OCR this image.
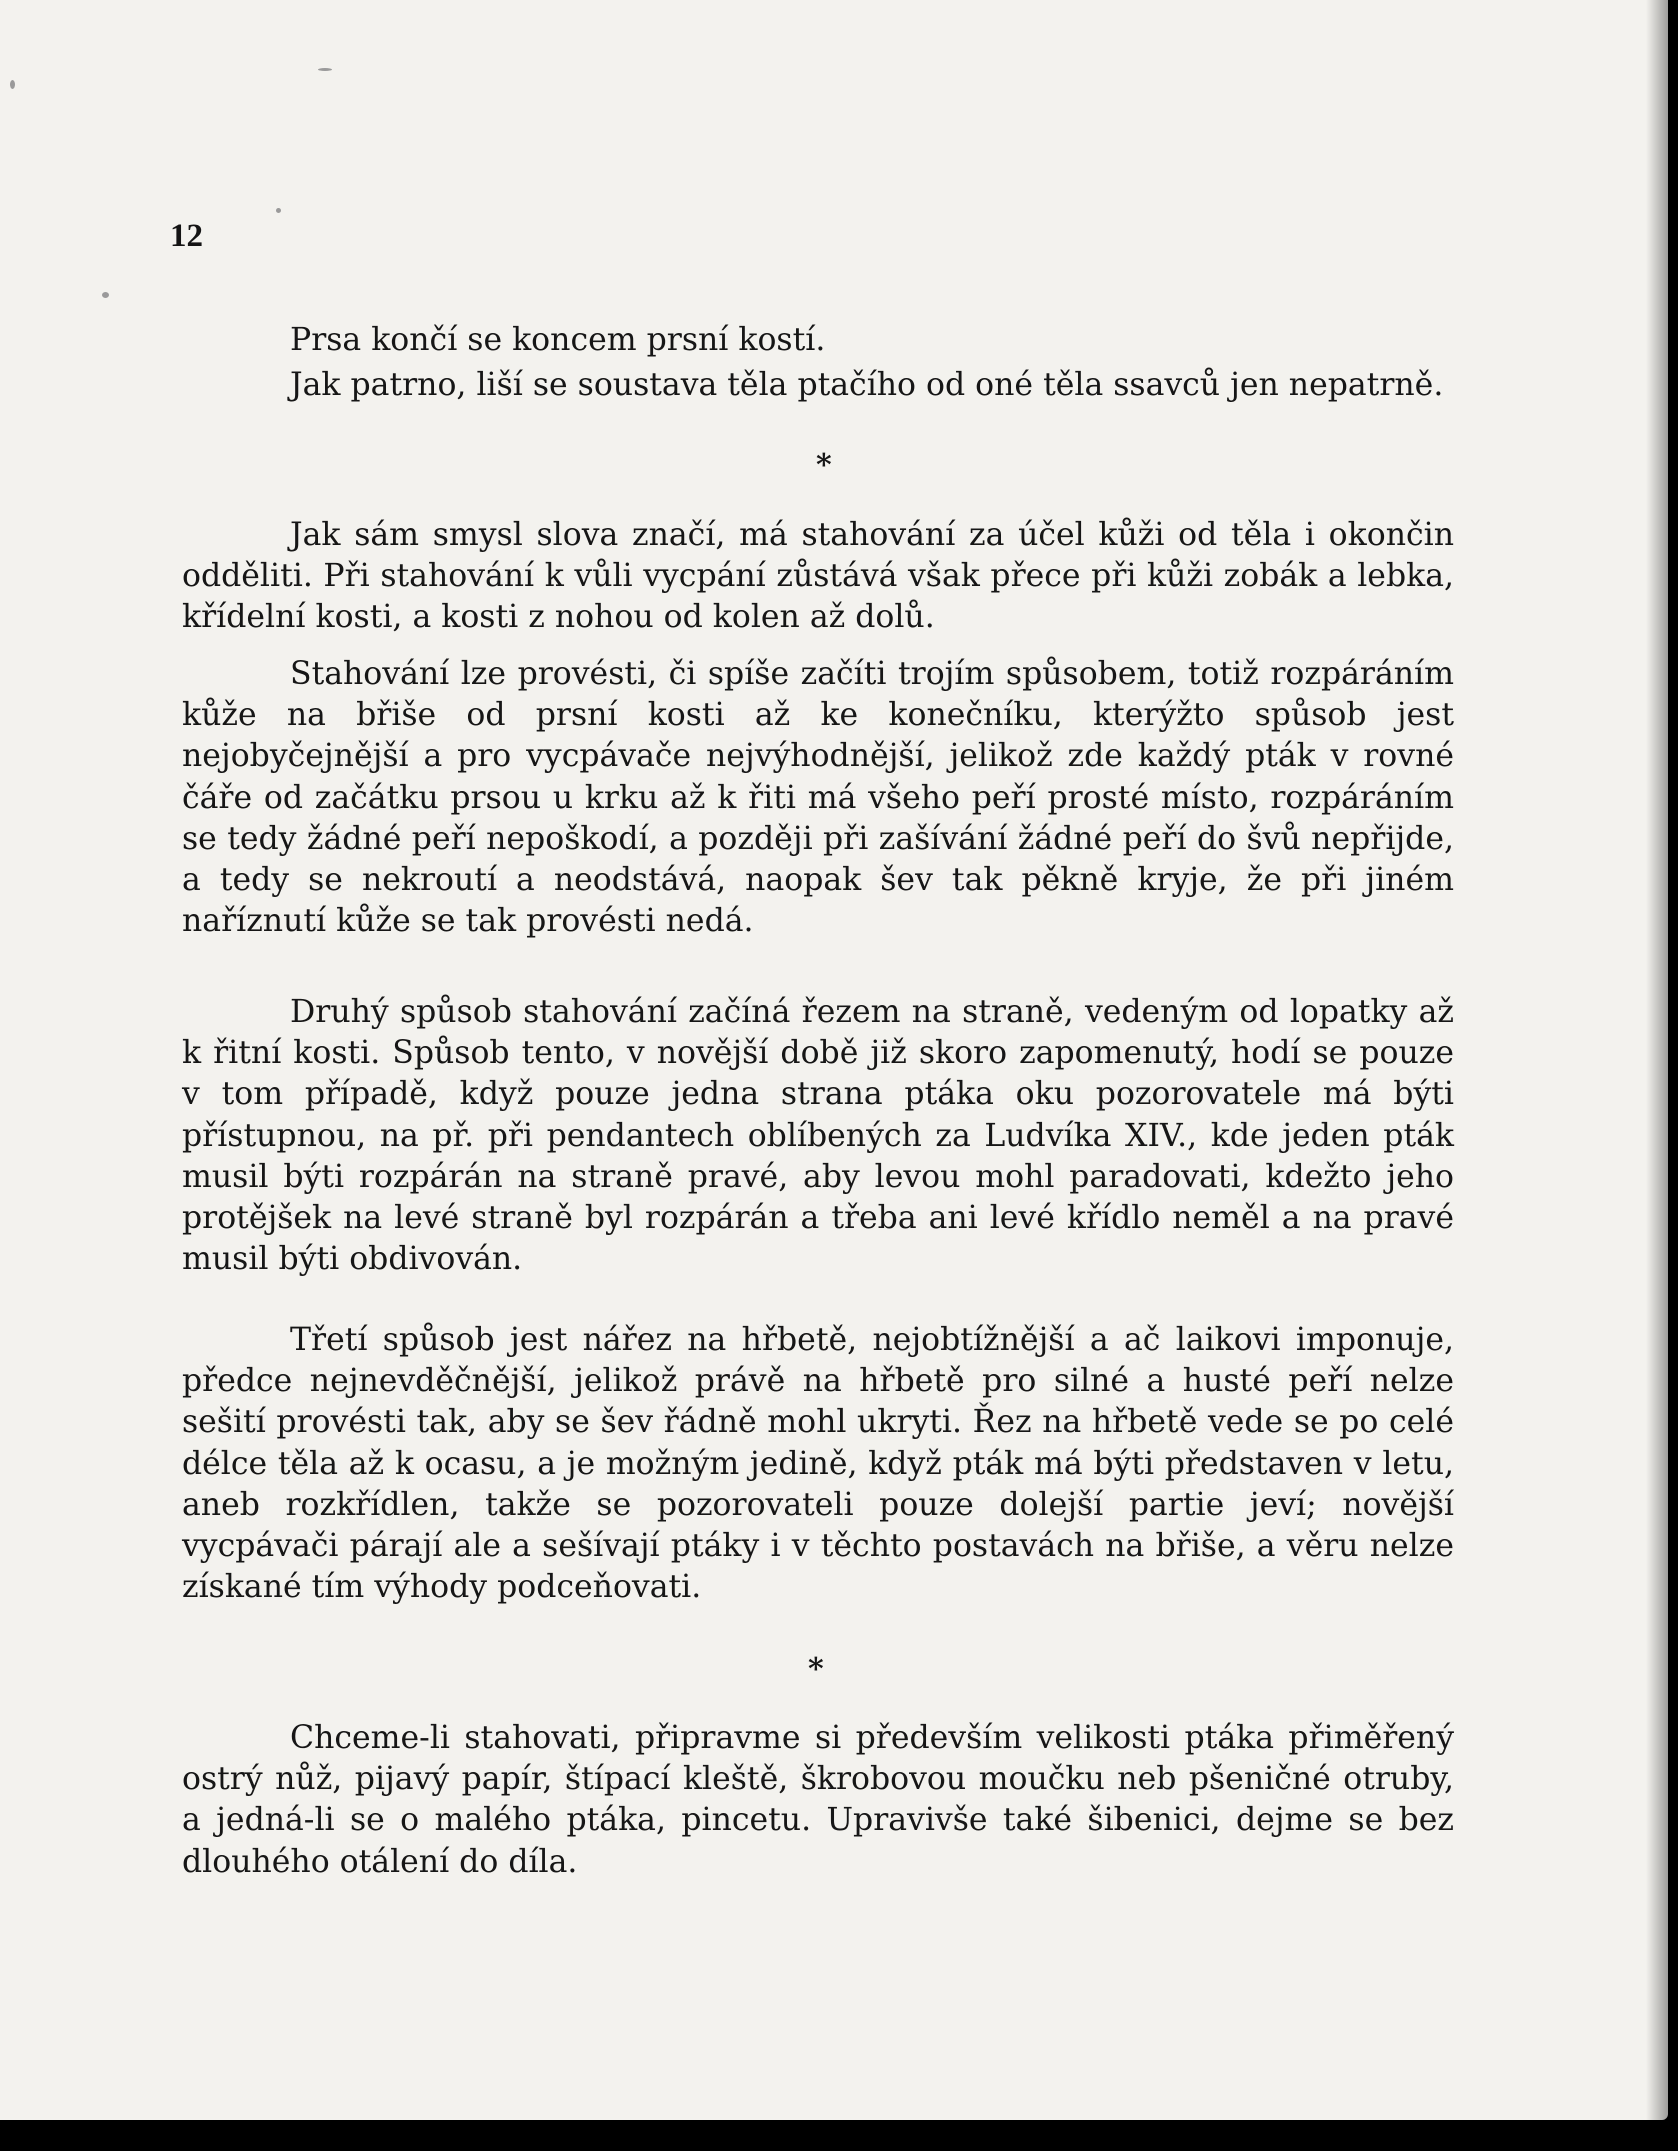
12

Prsa končí se koncem prsní kostí.

Jak patrno, liší se soustava těla ptačího od oné těla ssavců jen nepatrně.

*

Jak sám smysl slova značí, má stahování za účel kůži od těla i okončin odděliti. Při stahování k vůli vycpání zůstává však přece při kůži zobák a lebka, křídelní kosti, a kosti z nohou od kolen až dolů.

Stahování lze provésti, či spíše začíti trojím spůsobem, totiž rozpáráním kůže na břiše od prsní kosti až ke konečníku, kterýžto spůsob jest nejobyčejnější a pro vycpávače nejvýhodnější, jelikož zde každý pták v rovné čáře od začátku prsou u krku až k řiti má všeho peří prosté místo, rozpáráním se tedy žádné peří nepoškodí, a později při zašívání žádné peří do švů nepřijde, a tedy se nekroutí a neodstává, naopak šev tak pěkně kryje, že při jiném naříznutí kůže se tak provésti nedá.

Druhý spůsob stahování začíná řezem na straně, vedeným od lopatky až k řitní kosti. Spůsob tento, v novější době již skoro zapomenutý, hodí se pouze v tom případě, když pouze jedna strana ptáka oku pozorovatele má býti přístupnou, na př. při pendantech oblíbených za Ludvíka XIV., kde jeden pták musil býti rozpárán na straně pravé, aby levou mohl paradovati, kdežto jeho protějšek na levé straně byl rozpárán a třeba ani levé křídlo neměl a na pravé musil býti obdivován.

Třetí spůsob jest nářez na hřbetě, nejobtížnější a ač laikovi imponuje, předce nejnevděčnější, jelikož právě na hřbetě pro silné a husté peří nelze sešití provésti tak, aby se šev řádně mohl ukryti. Řez na hřbetě vede se po celé délce těla až k ocasu, a je možným jedině, když pták má býti představen v letu, aneb rozkřídlen, takže se pozorovateli pouze dolejší partie jeví; novější vycpávači párají ale a sešívají ptáky i v těchto postavách na břiše, a věru nelze získané tím výhody podceňovati.

*

Chceme-li stahovati, připravme si především velikosti ptáka přiměřený ostrý nůž, pijavý papír, štípací kleště, škrobovou moučku neb pšeničné otruby, a jedná-li se o malého ptáka, pincetu. Upravivše také šibenici, dejme se bez dlouhého otálení do díla.
